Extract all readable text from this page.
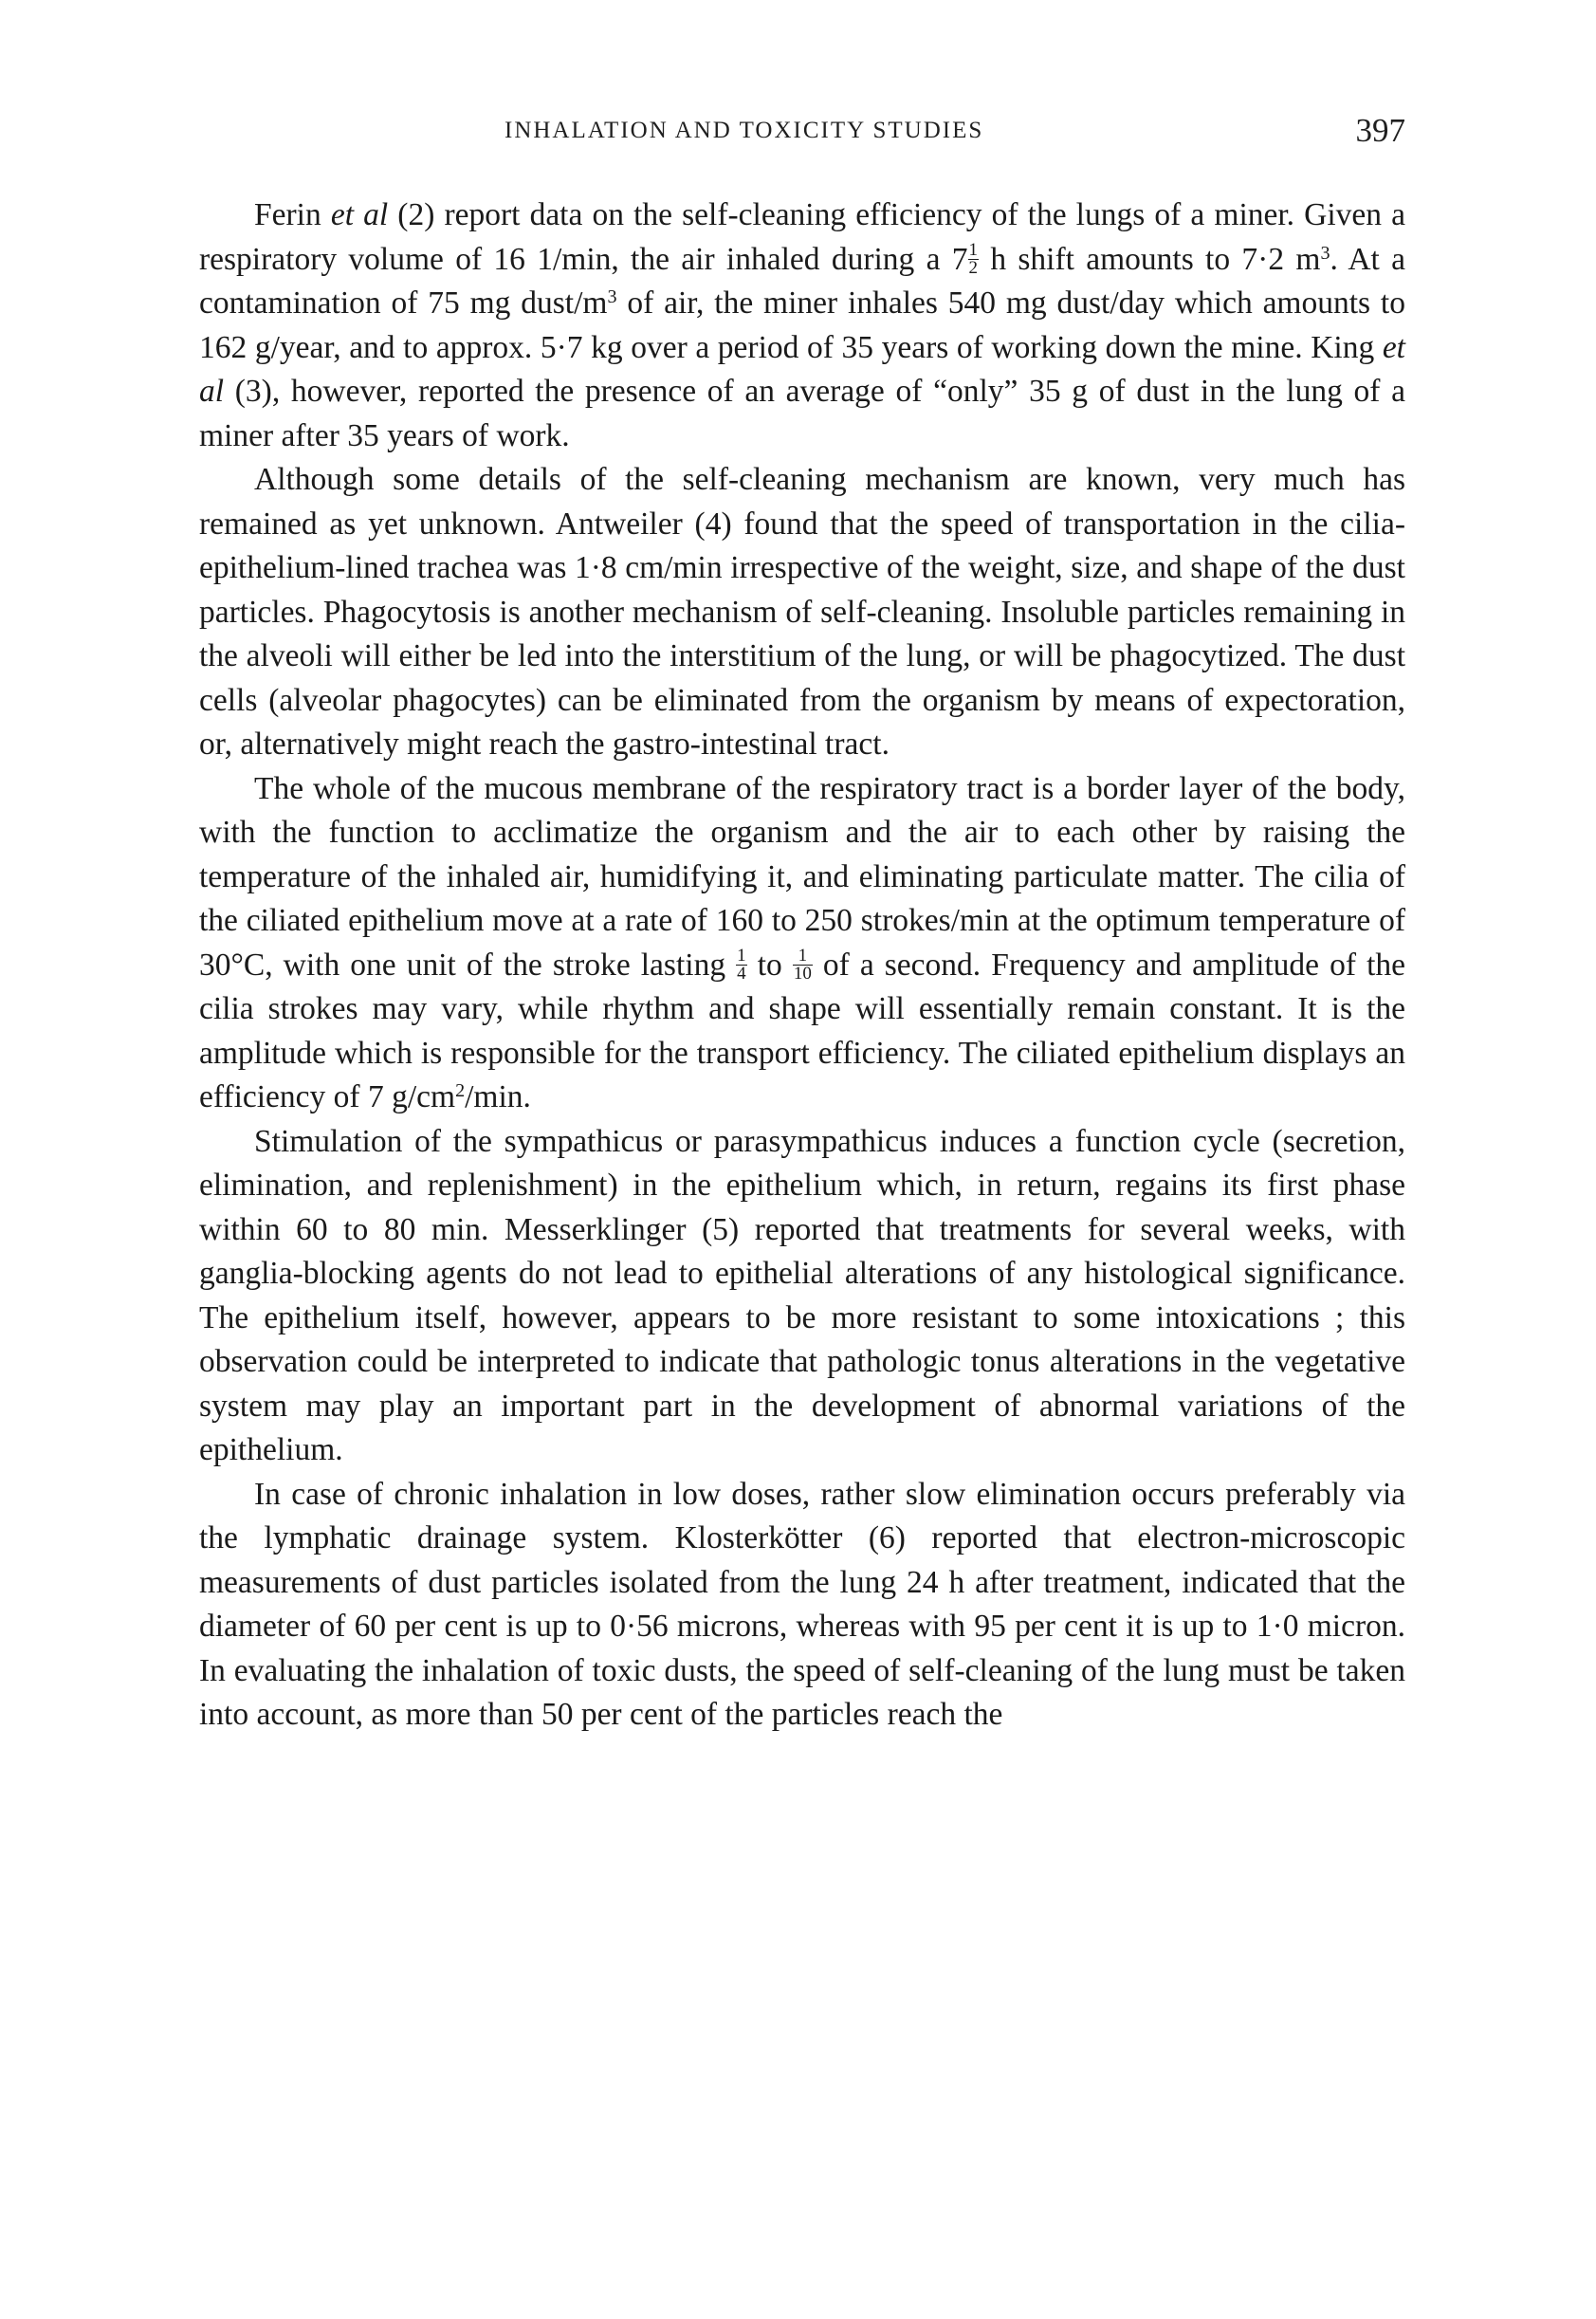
INHALATION AND TOXICITY STUDIES	397

Ferin et al (2) report data on the self-cleaning efficiency of the lungs of a miner. Given a respiratory volume of 16 1/min, the air inhaled during a $7 \frac{1}{2}$ h shift amounts to 7·2 $m^3$. At a contamination of 75 mg dust/$m^3$ of air, the miner inhales 540 mg dust/day which amounts to 162 g/year, and to approx. 5·7 kg over a period of 35 years of working down the mine. King et al (3), however, reported the presence of an average of “only” 35 g of dust in the lung of a miner after 35 years of work.

Although some details of the self-cleaning mechanism are known, very much has remained as yet unknown. Antweiler (4) found that the speed of transportation in the cilia-epithelium-lined trachea was 1·8 cm/min irrespective of the weight, size, and shape of the dust particles. Phagocytosis is another mechanism of self-cleaning. Insoluble particles remaining in the alveoli will either be led into the interstitium of the lung, or will be phagocytized. The dust cells (alveolar phagocytes) can be eliminated from the organism by means of expectoration, or, alternatively might reach the gastro-intestinal tract.

The whole of the mucous membrane of the respiratory tract is a border layer of the body, with the function to acclimatize the organism and the air to each other by raising the temperature of the inhaled air, humidifying it, and eliminating particulate matter. The cilia of the ciliated epithelium move at a rate of 160 to 250 strokes/min at the optimum temperature of 30°C, with one unit of the stroke lasting $\frac{1}{4}$ to $\frac{1}{10}$ of a second. Frequency and amplitude of the cilia strokes may vary, while rhythm and shape will essentially remain constant. It is the amplitude which is responsible for the transport efficiency. The ciliated epithelium displays an efficiency of 7 $g/cm^2/\min$.

Stimulation of the sympathicus or parasympathicus induces a function cycle (secretion, elimination, and replenishment) in the epithelium which, in return, regains its first phase within 60 to 80 min. Messerklinger (5) reported that treatments for several weeks, with ganglia-blocking agents do not lead to epithelial alterations of any histological significance. The epithelium itself, however, appears to be more resistant to some intoxications ; this observation could be interpreted to indicate that pathologic tonus alterations in the vegetative system may play an important part in the development of abnormal variations of the epithelium.

In case of chronic inhalation in low doses, rather slow elimination occurs preferably via the lymphatic drainage system. Klosterkötter (6) reported that electron-microscopic measurements of dust particles isolated from the lung 24 h after treatment, indicated that the diameter of 60 per cent is up to 0·56 microns, whereas with 95 per cent it is up to 1·0 micron. In evaluating the inhalation of toxic dusts, the speed of self-cleaning of the lung must be taken into account, as more than 50 per cent of the particles reach the
